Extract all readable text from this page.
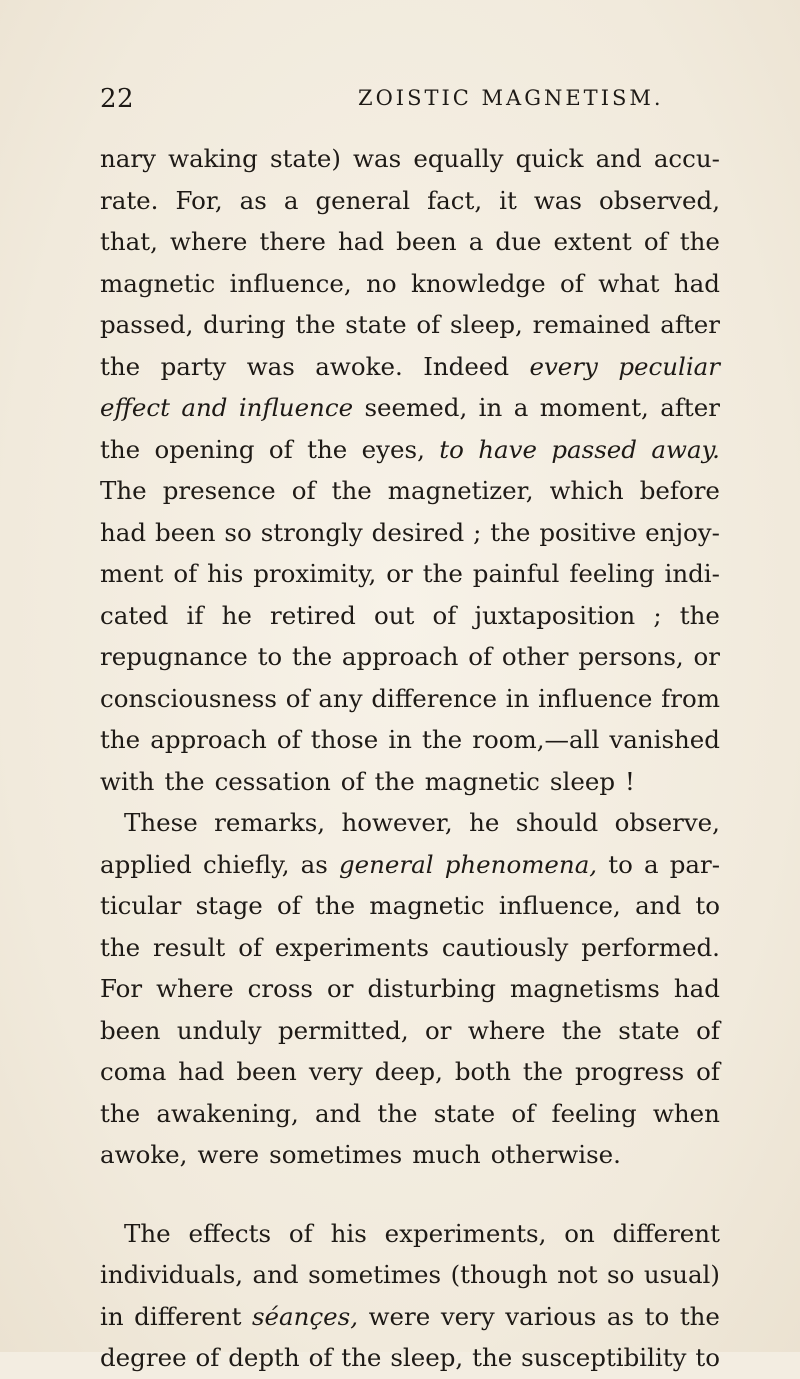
22	ZOISTIC MAGNETISM.
nary waking state) was equally quick and accu-
rate. For, as a general fact, it was observed,
that, where there had been a due extent of the
magnetic influence, no knowledge of what had
passed, during the state of sleep, remained after
the party was awoke. Indeed every peculiar
effect and influence seemed, in a moment, after
the opening of the eyes, to have passed away.
The presence of the magnetizer, which before
had been so strongly desired ; the positive enjoy-
ment of his proximity, or the painful feeling indi-
cated if he retired out of juxtaposition ; the
repugnance to the approach of other persons, or
consciousness of any difference in influence from
the approach of those in the room,—all vanished
with the cessation of the magnetic sleep !
These remarks, however, he should observe,
applied chiefly, as general phenomena, to a par-
ticular stage of the magnetic influence, and to
the result of experiments cautiously performed.
For where cross or disturbing magnetisms had
been unduly permitted, or where the state of
coma had been very deep, both the progress of
the awakening, and the state of feeling when
awoke, were sometimes much otherwise.
The effects of his experiments, on different
individuals, and sometimes (though not so usual)
in different séançes, were very various as to the
degree of depth of the sleep, the susceptibility to
